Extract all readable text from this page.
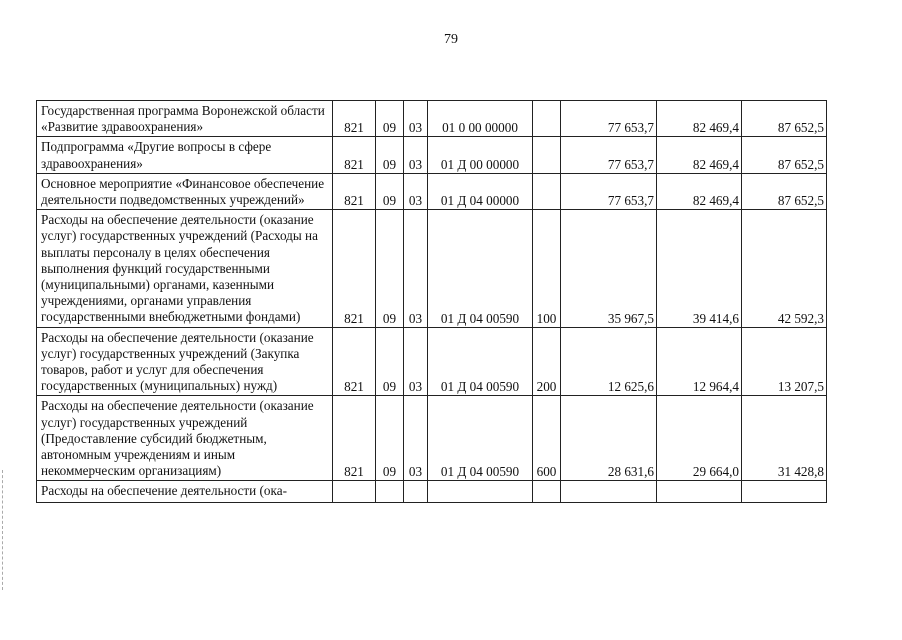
79
Государственная программа Воронежской области «Развитие здравоохранения»	821	09	03	01 0 00 00000		77 653,7	82 469,4	87 652,5
Подпрограмма «Другие вопросы в сфере здравоохранения»	821	09	03	01 Д 00 00000		77 653,7	82 469,4	87 652,5
Основное мероприятие «Финансовое обеспечение деятельности подведомственных учреждений»	821	09	03	01 Д 04 00000		77 653,7	82 469,4	87 652,5
Расходы на обеспечение деятельности (оказание услуг) государственных учреждений (Расходы на выплаты персоналу в целях обеспечения выполнения функций государственными (муниципальными) органами, казенными учреждениями, органами управления государственными внебюджетными фондами)	821	09	03	01 Д 04 00590	100	35 967,5	39 414,6	42 592,3
Расходы на обеспечение деятельности (оказание услуг) государственных учреждений (Закупка товаров, работ и услуг для обеспечения государственных (муниципальных) нужд)	821	09	03	01 Д 04 00590	200	12 625,6	12 964,4	13 207,5
Расходы на обеспечение деятельности (оказание услуг) государственных учреждений (Предоставление субсидий бюджетным, автономным учреждениям и иным некоммерческим организациям)	821	09	03	01 Д 04 00590	600	28 631,6	29 664,0	31 428,8
Расходы на обеспечение деятельности (ока-								
